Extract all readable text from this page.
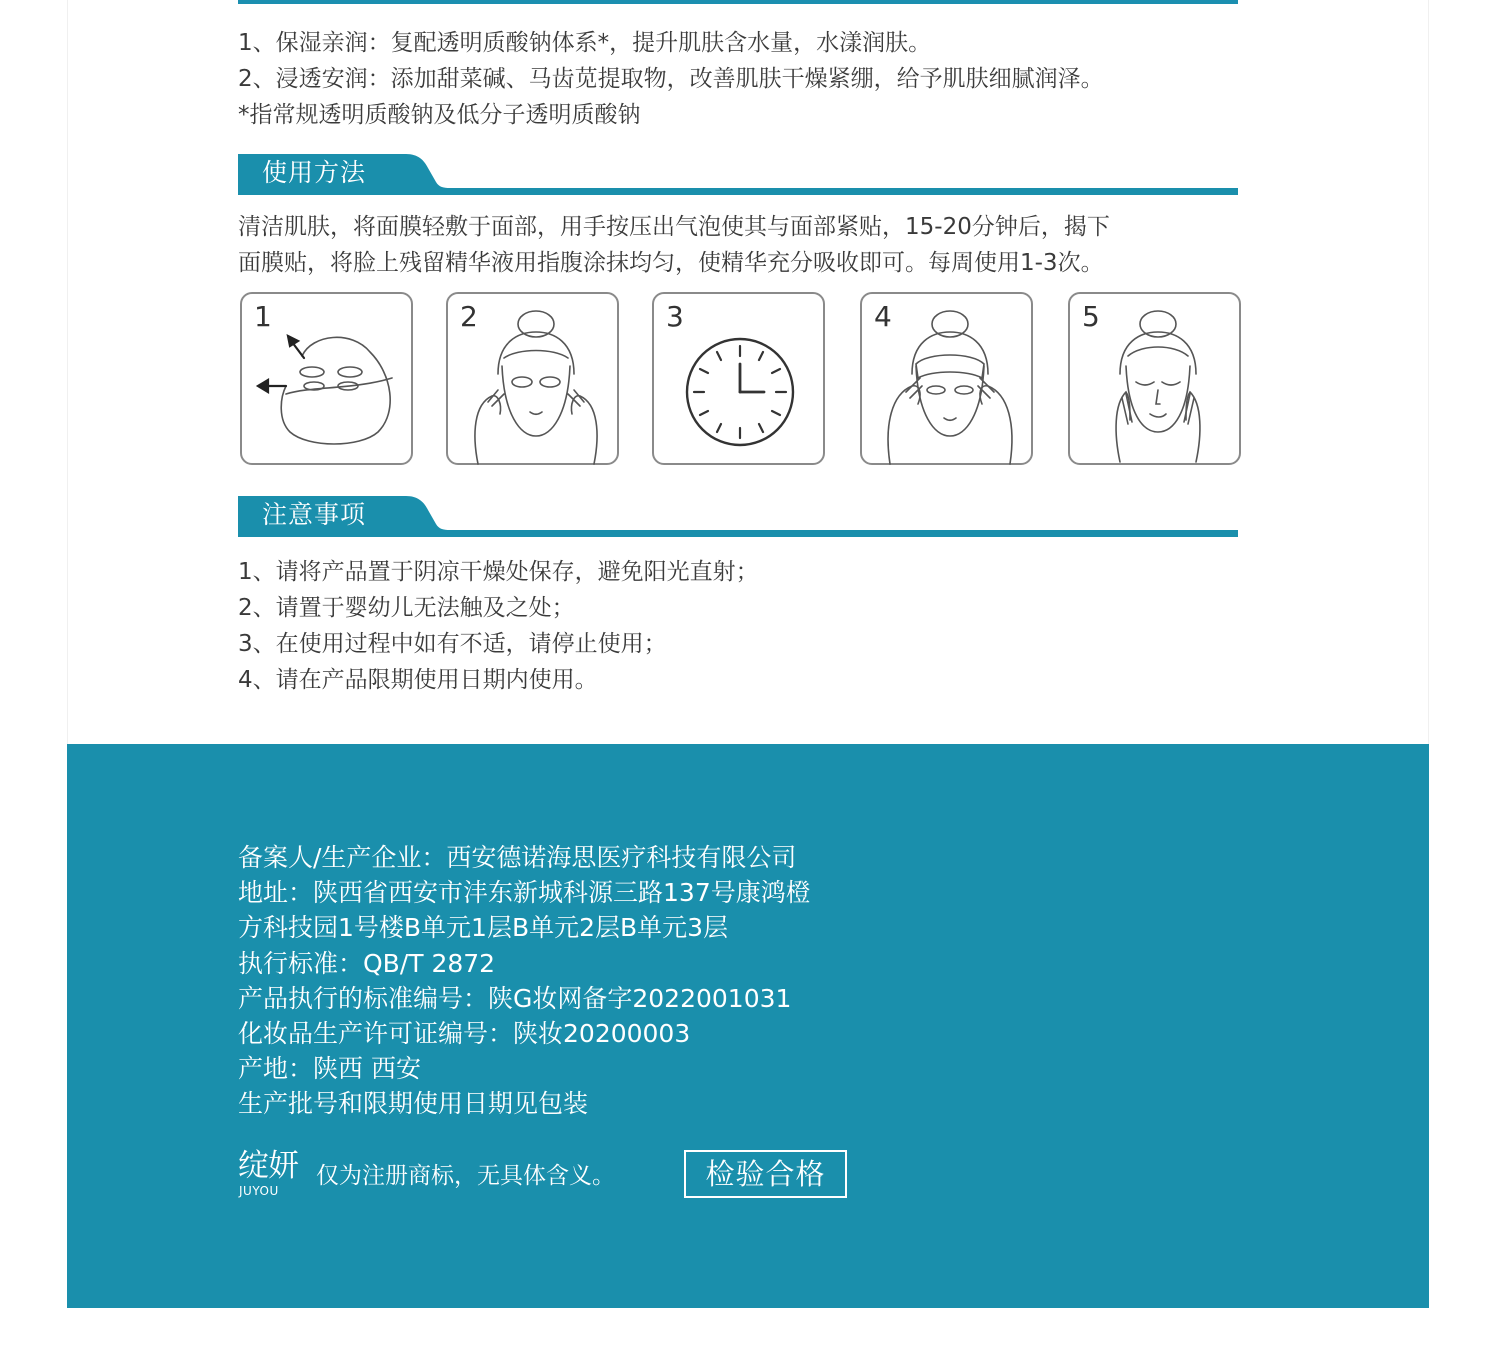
1、保湿亲润：复配透明质酸钠体系*，提升肌肤含水量，水漾润肤。
2、浸透安润：添加甜菜碱、马齿苋提取物，改善肌肤干燥紧绷，给予肌肤细腻润泽。
*指常规透明质酸钠及低分子透明质酸钠
使用方法
清洁肌肤，将面膜轻敷于面部，用手按压出气泡使其与面部紧贴，15-20分钟后，揭下
面膜贴，将脸上残留精华液用指腹涂抹均匀，使精华充分吸收即可。每周使用1-3次。
1	2	3	4	5
注意事项
1、请将产品置于阴凉干燥处保存，避免阳光直射；
2、请置于婴幼儿无法触及之处；
3、在使用过程中如有不适，请停止使用；
4、请在产品限期使用日期内使用。
备案人/生产企业：西安德诺海思医疗科技有限公司
地址：陕西省西安市沣东新城科源三路137号康鸿橙
方科技园1号楼B单元1层B单元2层B单元3层
执行标准：QB/T 2872
产品执行的标准编号：陕G妆网备字2022001031
化妆品生产许可证编号：陕妆20200003
产地：陕西 西安
生产批号和限期使用日期见包装
绽妍
JUYOU
仅为注册商标，无具体含义。	检验合格
